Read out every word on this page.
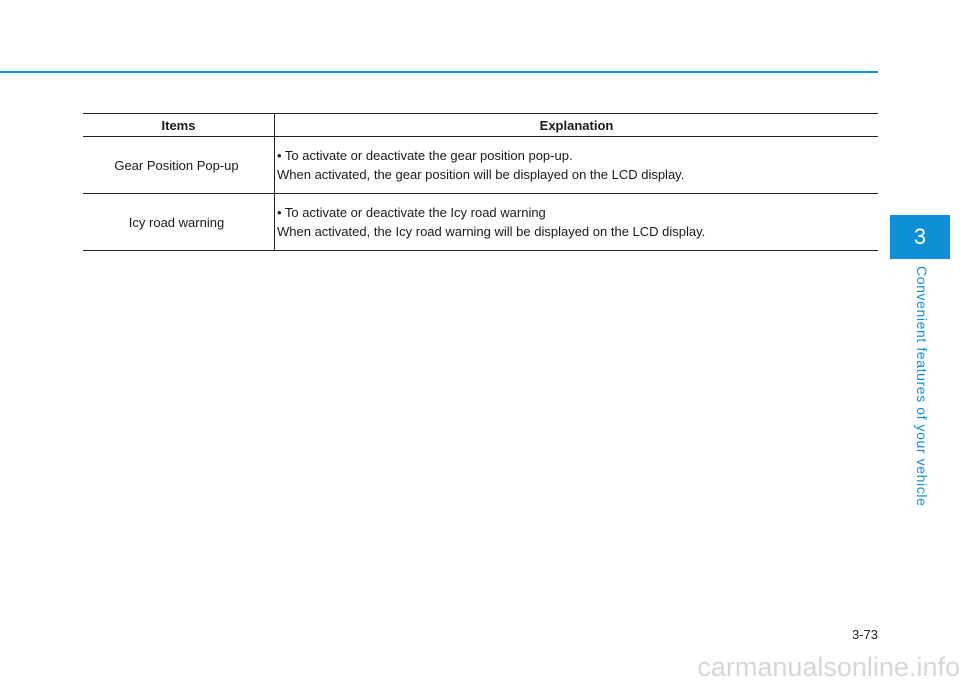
Items	Explanation
Gear Position Pop-up	• To activate or deactivate the gear position pop-up.
When activated, the gear position will be displayed on the LCD display.

Icy road warning	• To activate or deactivate the Icy road warning
When activated, the Icy road warning will be displayed on the LCD display.	3
Convenient features of your vehicle
3-73
carmanualsonline.info
